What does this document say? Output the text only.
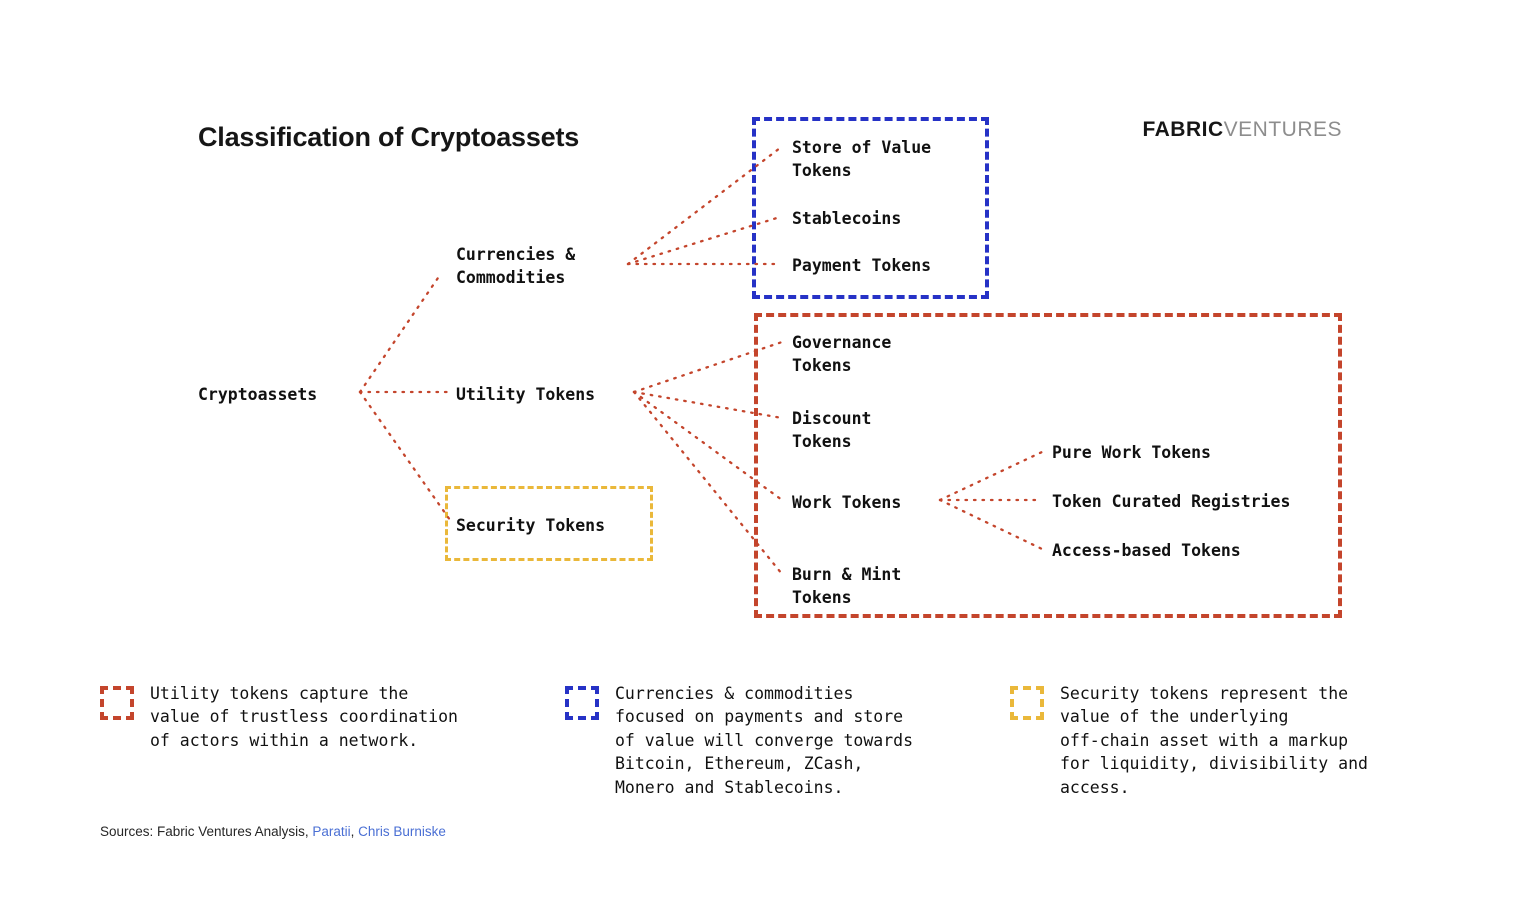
Classification of Cryptoassets	FABRICVENTURES
Cryptoassets
Currencies &
Commodities
Utility Tokens
Security Tokens
Store of Value
Tokens
Stablecoins
Payment Tokens
Governance
Tokens
Discount
Tokens
Work Tokens
Burn & Mint
Tokens
Pure Work Tokens
Token Curated Registries
Access-based Tokens
Utility tokens capture the
value of trustless coordination
of actors within a network.
Currencies & commodities
focused on payments and store
of value will converge towards
Bitcoin, Ethereum, ZCash,
Monero and Stablecoins.
Security tokens represent the
value of the underlying
off-chain asset with a markup
for liquidity, divisibility and
access.
Sources: Fabric Ventures Analysis, Paratii, Chris Burniske
